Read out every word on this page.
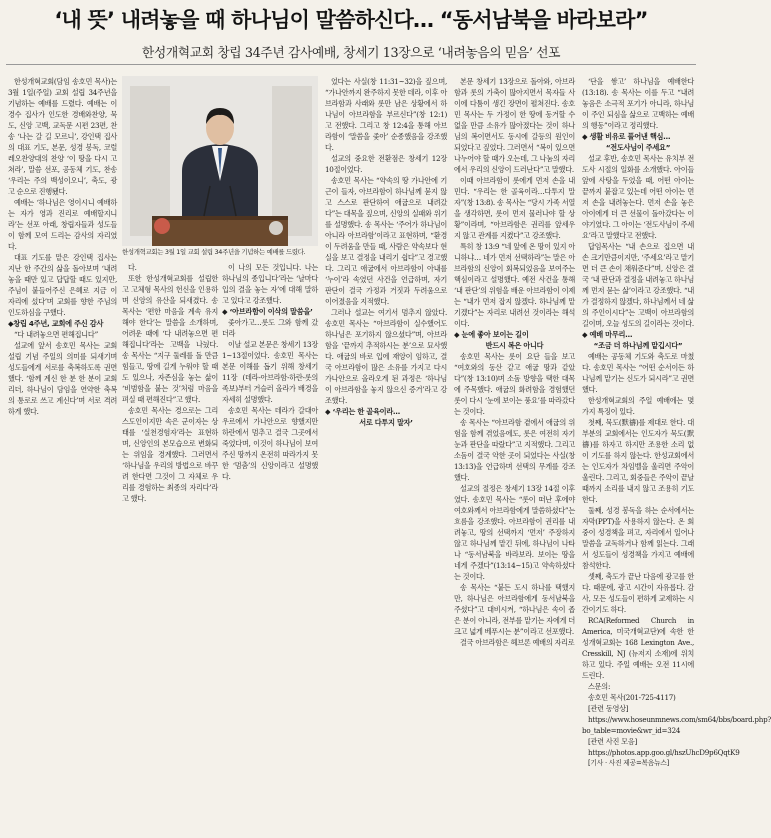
‘내 뜻’ 내려놓을 때 하나님이 말씀하신다… “동서남북을 바라보라”
한성개혁교회 창립 34주년 감사예배, 창세기 13장으로 ‘내려놓음의 믿음’ 선포
한성개혁교회는 3월 1일 교회 설립 34주년을 기념하는 예배를 드렸다.

한성개혁교회(담임 송호민 목사)는 3월 1일(주일) 교회 설립 34주년을 기념하는 예배를 드렸다. 예배는 이경수 집사가 인도한 경배와찬양, 묵도, 신앙 고백, 교독문 시편 23편, 찬송 ‘나는 갈 길 모르니’, 강인택 집사의 대표 기도, 본문, 성경 봉독, 코럴레오찬양대의 찬양 ‘이 땅을 다시 고쳐라’, 말씀 선포, 공동체 기도, 찬송 ‘우리는 주의 백성이오니’, 축도, 광고 순으로 진행됐다.

예배는 ‘하나님은 영이시니 예배하는 자가 영과 진리로 예배할지니라’는 선포 아래, 창립자들과 성도들이 함께 모여 드리는 감사의 자리였다.

대표 기도를 맡은 강인택 집사는 지난 한 주간의 삶을 돌아보며 ‘내려놓을 때만 있고 답답할 때도 있지만, 주님이 붙들어주신 은혜로 지금 이 자리에 섰다’며 교회를 향한 주님의 인도하심을 구했다.

◆창립 4주년, 교회에 주신 감사

“다 내려놓으면 편해집니다”

설교에 앞서 송호민 목사는 교회 설립 기념 주일의 의미를 되새기며 성도들에게 서로를 축복하도록 권면했다. ‘함께 계신 한 분 한 분이 교회 리더, 하나님이 담임을 연약한 축복의 통로로 쓰고 계신다’며 서로 격려하게 했다.

다.

또한 한성개혁교회를 설립한 고 고체형 목사의 헌신을 인용하며 신앙의 유산을 되새겼다. 송 목사는 ‘편한 마음을 계속 유지해야 한다’는 말씀을 소개하며, 어려운 때에 ‘다 내려놓으면 편해집니다’라는 고백을 나눴다. 송 목사는 “지구 둘레를 돌 만큼 힘들고, 땅에 길게 누워야 할 때도 있으나, 자존심을 놓는 삶이 ‘비범함을 붙는 것’처럼 마음을 펴실 때 편해진다”고 했다.

송호민 목사는 경으로는 그리스도인이지만 속은 군이자는 상태를 ‘실천경험자’라는 표현하며, 신앙인의 본모습으로 변화되는 위임을 경계했다. 그러면서 ‘하나님을 우리의 방법으로 바꾸려 한다면 그것이 그 자체로 우리를 경험하는 최종의 자리다’라고 했다.

이 나의 모든 것입니다. 나는 하나님의 종입니다’라는 ‘날마다 입의 결을 놓는 자’에 대해 말하고 있다고 강조했다.

◆ ‘아브라함이 이삭의 말씀을’

좇아가고…롯도 그와 함께 갔더라

이날 설교 본문은 창세기 13장 1~13절이었다. 송호민 목사는 본문 이해를 돕기 위해 창세기 11장 (데라-아브라함-하란-롯의 족보)부터 거슬러 올라가 배경을 자세히 설명했다.

송호민 목사는 데라가 갈대아 우르에서 가나안으로 향했지만 하란에서 멈추고 결국 그곳에서 죽었다며, 이것이 하나님이 보여주신 땅까지 온전히 따라가지 못한 ‘멈춤’의 신앙이라고 설명했다.

었다는 사실(창 11:31~32)을 짚으며, “가나안까지 완주하지 못한 데라, 이후 아브라함과 사래와 롯만 남은 상황에서 하나님이 아브라함을 부르신다”(창 12:1)고 전했다. 그리고 창 12:4을 통해 아브라함이 ‘말씀을 좇아’ 순종했음을 강조했다.

설교의 중요한 전환점은 창세기 12장 10절이었다.

송호민 목사는 “약속의 땅 가나안에 기근이 들자, 아브라함이 하나님께 묻지 않고 스스로 판단하여 애굽으로 내려갔다”는 대목을 짚으며, 신앙의 실패와 위기를 설명했다. 송 목사는 ‘주어가 하나님이 아니라 아브라함’이라고 표현하며, “환경이 두려움을 만들 때, 사람은 약속보다 현실을 보고 결정을 내리기 쉽다”고 경고했다. 그리고 애굽에서 아브라함이 아내를 ‘누이’라 속였던 사건을 언급하며, 자기 판단이 결국 가정과 거짓과 두려움으로 이어졌음을 지적했다.

그러나 설교는 여기서 멈추지 않았다. 송호민 목사는 “아브라함이 실수했어도 하나님은 포기하지 않으셨다”며, 아브라함을 ‘끝까지 추적하시는 분’으로 묘사했다. 애굽의 바로 입에 재앙이 임하고, 결국 아브라함이 많은 소유를 가지고 다시 가나안으로 올라오게 된 과정은 ‘하나님이 아브라함을 놓지 않으신 증거’라고 강조했다.

◆ ‘우리는 한 골육이라…

서로 다투지 말자’

본문 창세기 13장으로 돌아와, 아브라함과 롯의 가축이 많아지면서 목자들 사이에 다툼이 생긴 장면이 펼쳐진다. 송호민 목사는 두 가정이 한 땅에 동거할 수 없을 만큼 소유가 많아졌다는 것이 하나님의 복이면서도 동시에 갈등의 원인이 되었다고 짚었다. 그러면서 “복이 있으면 나누어야 할 때가 오는데, 그 나눔의 자리에서 우리의 신앙이 드러난다”고 말했다.

이때 아브라함이 롯에게 먼저 손을 내민다. “우리는 한 골육이라…다투지 말자”(창 13:8). 송 목사는 “당시 가족 서열을 생각하면, 롯이 먼저 물러나야 할 상황”이라며, “아브라함은 권리를 앞세우지 않고 관계를 지켰다”고 강조했다.

특히 창 13:9 “네 앞에 온 땅이 있지 아니하냐… 네가 먼저 선택하라”는 말은 아브라함의 신앙이 회복되었음을 보여주는 핵심이라고 설명했다. 예전 사건을 통해 ‘내 판단’의 위험을 배운 아브라함이 이제는 “내가 먼저 잡지 않겠다. 하나님께 맡기겠다”는 자리로 내려선 것이라는 해석이다.

◆ 눈에 좋아 보이는 길이

반드시 복은 아니다

송호민 목사는 롯이 요단 들을 보고 “여호와의 동산 같고 애굽 땅과 같았다”(창 13:10)며 소돔 방향을 택한 대목에 주목했다. 애굽의 화려함을 경험했던 롯이 다시 ‘눈에 보이는 풍요’를 따라갔다는 것이다.

송 목사는 “아브라함 곁에서 애굽의 위험을 함께 겪었음에도, 롯은 여전히 자기 눈과 판단을 따랐다”고 지적했다. 그리고 소돔이 결국 악한 곳이 되었다는 사실(창 13:13)을 언급하며 선택의 무게를 강조했다.

설교의 절정은 창세기 13장 14절 이후였다. 송호민 목사는 “롯이 떠난 후에야 여호와께서 아브라함에게 말씀하셨다”는 흐름을 강조했다. 아브라함이 권리를 내려놓고, 땅의 선택까지 ‘먼저’ 주장하지 않고 하나님께 맡긴 뒤에, 하나님이 나타나 “동서남북을 바라보라. 보이는 땅을 네게 주겠다”(13:14~15)고 약속하셨다는 것이다.

송 목사는 “붙든 도시 하나를 택했지만, 하나님은 아브라함에게 동서남북을 주셨다”고 대비시켜, “하나님은 속이 좁은 분이 아니라, 전부를 맡기는 자에게 더 크고 넓게 베푸시는 분”이라고 선포했다.

결국 아브라함은 헤브론 예배의 자리로

‘단을 쌓고’ 하나님을 예배한다(13:18). 송 목사는 이를 두고 “내려놓음은 소극적 포기가 아니라, 하나님이 주인 되심을 삶으로 고백하는 예배의 행동”이라고 정리했다.

◆ 생활 비유로 풀어낸 핵심…

“전도사님이 주세요”

설교 후반, 송호민 목사는 유치부 전도사 시절의 일화를 소개했다. 아이들 앞에 사탕을 두었을 때, 어떤 아이는 끝까지 붙잡고 있는데 어떤 아이는 먼저 손을 내려놓는다. 먼저 손을 놓은 아이에게 더 큰 선물이 돌아갔다는 이야기였다. 그 아이는 ‘전도사님이 주세요’라고 말했다고 전했다.

답임목사는 “내 손으로 집으면 내 손 크기만큼이지만, ‘주세요’라고 맡기면 더 큰 손이 채워준다”며, 신앙은 결국 ‘내 판단과 결정을 내려놓고 하나님께 먼저 묻는 삶’이라고 강조했다. “내가 결정하지 않겠다, 하나님께서 네 삶의 주인이시다”는 고백이 아브라함의 길이며, 오늘 성도의 길이라는 것이다.

◆ 예배 마무리…

“조금 더 하나님께 맡깁시다”

예배는 공동체 기도와 축도로 마쳤다. 송호민 목사는 “어떤 순서이든 하나님께 맡기는 신도가 되시라”고 권면했다.

한성개혁교회의 주일 예배에는 몇 가지 특징이 있다.

첫째, 묵도(默禱)를 제대로 한다. 대부분의 교회에서는 인도자가 묵도(默禱)를 하자고 하지만 조용한 소리 없이 기도를 하지 않는다. 한성교회에서는 인도자가 차임벨을 울리면 주악이 울린다. 그리고, 회중들은 주악이 끝날 때까지 소리를 내지 않고 조용히 기도한다.

둘째, 성경 봉독을 하는 순서에서는 자막(PPT)을 사용하지 않는다. 온 회중이 성경책을 펴고, 자리에서 일어나 말씀을 교독하거나 함께 읽는다. 그래서 성도들이 성경책을 가지고 예배에 참석한다.

셋째, 축도가 끝난 다음에 광고를 한다. 때문에, 광고 시간이 자유롭다. 감사, 모든 성도들이 편하게 교제하는 시간이기도 하다.

RCA(Reformed Church in America, 미국개혁교단)에 속한 한성개혁교회는 168 Lexington Ave., Cresskill, NJ (뉴저지 소재)에 위치하고 있다. 주일 예배는 오전 11시에 드린다.

스문의:

송호민 목사(201-725-4117)

[관련 동영상]

https://www.hoseunmnews.com/sm64/bbs/board.php?bo_table=movie&wr_id=324

[관련 사진 모음]

https://photos.app.goo.gl/hszUhcD9p6QqtK9

[기사 · 사진 제공=복음뉴스]
